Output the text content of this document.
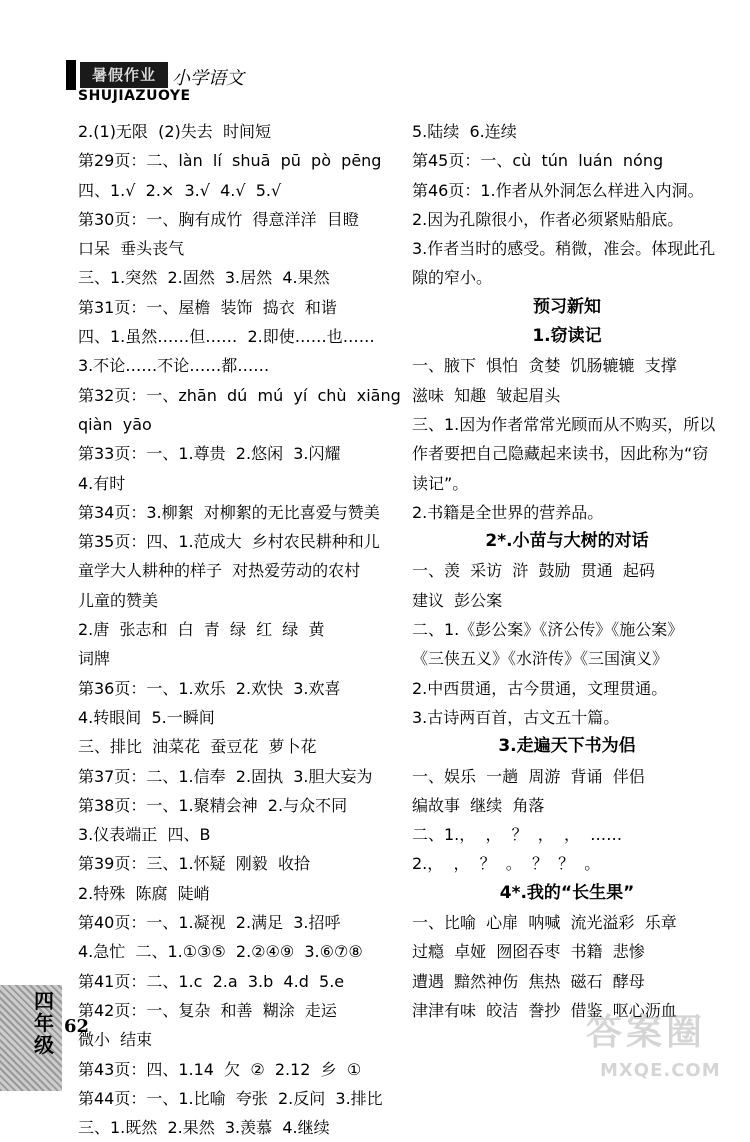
暑假作业 小学语文
SHUJIAZUOYE
2.(1)无限  (2)失去  时间短
第29页：二、làn  lí  shuā  pū  pò  pēng
四、1.√  2.×  3.√  4.√  5.√
第30页：一、胸有成竹  得意洋洋  目瞪
口呆  垂头丧气
三、1.突然  2.固然  3.居然  4.果然
第31页：一、屋檐  装饰  捣衣  和谐
四、1.虽然……但……  2.即使……也……
3.不论……不论……都……
第32页：一、zhān  dú  mú  yí  chù  xiāng
qiàn  yāo
第33页：一、1.尊贵  2.悠闲  3.闪耀
4.有时
第34页：3.柳絮  对柳絮的无比喜爱与赞美
第35页：四、1.范成大  乡村农民耕种和儿
童学大人耕种的样子  对热爱劳动的农村
儿童的赞美
2.唐  张志和  白  青  绿  红  绿  黄
词牌
第36页：一、1.欢乐  2.欢快  3.欢喜
4.转眼间  5.一瞬间
三、排比  油菜花  蚕豆花  萝卜花
第37页：二、1.信奉  2.固执  3.胆大妄为
第38页：一、1.聚精会神  2.与众不同
3.仪表端正  四、B
第39页：三、1.怀疑  刚毅  收拾
2.特殊  陈腐  陡峭
第40页：一、1.凝视  2.满足  3.招呼
4.急忙  二、1.①③⑤  2.②④⑨  3.⑥⑦⑧
第41页：二、1.c  2.a  3.b  4.d  5.e
第42页：一、复杂  和善  糊涂  走运
微小  结束
第43页：四、1.14  欠  ②  2.12  乡  ①
第44页：一、1.比喻  夸张  2.反问  3.排比
三、1.既然  2.果然  3.羡慕  4.继续
5.陆续  6.连续
第45页：一、cù  tún  luán  nóng
第46页：1.作者从外洞怎么样进入内洞。
2.因为孔隙很小，作者必须紧贴船底。
3.作者当时的感受。稍微，准会。体现此孔
隙的窄小。
预习新知
1.窃读记
一、腋下  惧怕  贪婪  饥肠辘辘  支撑
滋味  知趣  皱起眉头
三、1.因为作者常常光顾而从不购买，所以
作者要把自己隐藏起来读书，因此称为“窃
读记”。
2.书籍是全世界的营养品。
2*.小苗与大树的对话
一、羡  采访  浒  鼓励  贯通  起码
建议  彭公案
二、1.《彭公案》《济公传》《施公案》
《三侠五义》《水浒传》《三国演义》
2.中西贯通，古今贯通，文理贯通。
3.古诗两百首，古文五十篇。
3.走遍天下书为侣
一、娱乐  一趟  周游  背诵  伴侣
编故事  继续  角落
二、1.，  ，  ？  ，  ，  ……
2.，  ，  ？  。  ？  ？  。
4*.我的“长生果”
一、比喻  心扉  呐喊  流光溢彩  乐章
过瘾  卓娅  囫囵吞枣  书籍  悲惨
遭遇  黯然神伤  焦热  磁石  酵母
津津有味  皎洁  誊抄  借鉴  呕心沥血
四年级
62	答案圈
MXQE.COM
